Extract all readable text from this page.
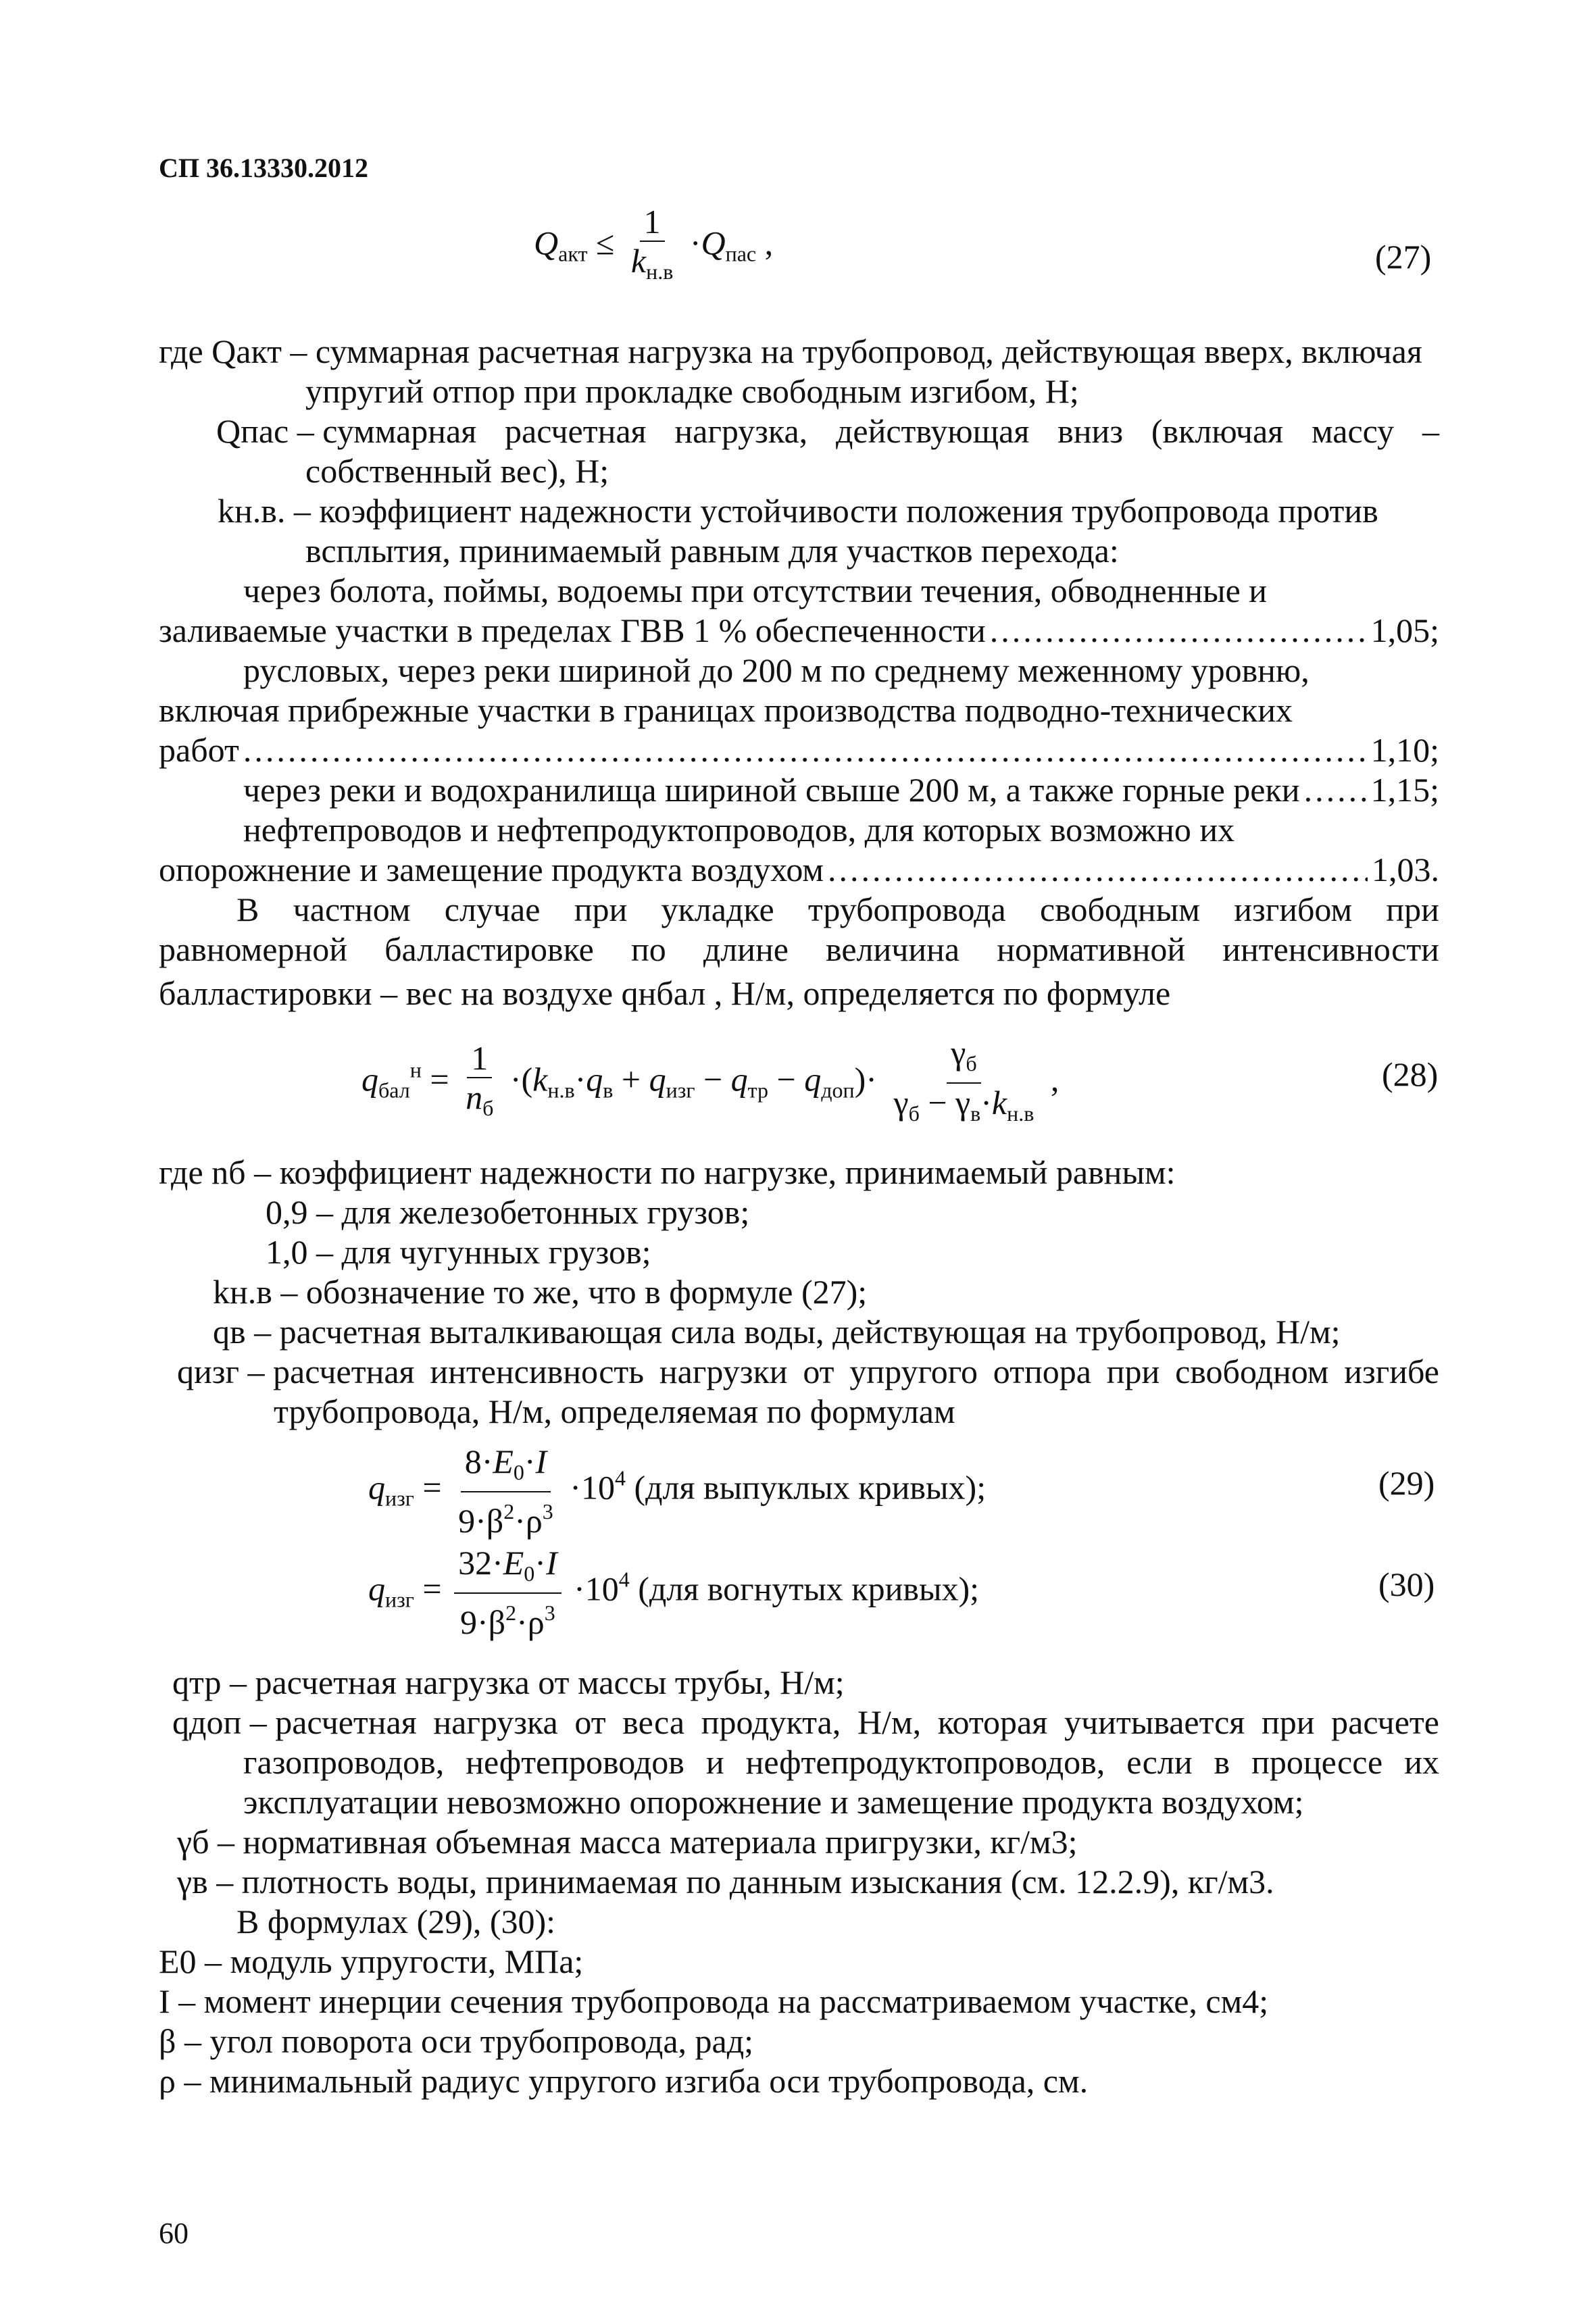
СП 36.13330.2012
$Q_{акт} \le \frac{1}{k_{н.в}} \cdot Q_{пас}$ ,	(27)
где Qакт – суммарная расчетная нагрузка на трубопровод, действующая вверх, включая
упругий отпор при прокладке свободным изгибом, Н;
Qпас – суммарная расчетная нагрузка, действующая вниз (включая массу –
собственный вес), Н;
kн.в. – коэффициент надежности устойчивости положения трубопровода против
всплытия, принимаемый равным для участков перехода:
через болота, поймы, водоемы при отсутствии течения, обводненные и
заливаемые участки в пределах ГВВ 1 % обеспеченности .....	1,05;
русловых, через реки шириной до 200 м по среднему меженному уровню,
включая прибрежные участки в границах производства подводно-технических
работ .....	1,10;
через реки и водохранилища шириной свыше 200 м, а также горные реки ..... 1,15;
нефтепроводов и нефтепродуктопроводов, для которых возможно их
опорожнение и замещение продукта воздухом .....	1,03.
В частном случае при укладке трубопровода свободным изгибом при
равномерной балластировке по длине величина нормативной интенсивности
балластировки – вес на воздухе qнбал , Н/м, определяется по формуле
$q_{бал}^н = \frac{1}{n_б} \cdot(k_{н.в}\cdot q_в + q_{изг} - q_{тр} - q_{доп})\cdot \frac{\gamma_б}{\gamma_б - \gamma_в\cdot k_{н.в}}$ ,	(28)
где nб – коэффициент надежности по нагрузке, принимаемый равным:
0,9 – для железобетонных грузов;
1,0 – для чугунных грузов;
kн.в – обозначение то же, что в формуле (27);
qв – расчетная выталкивающая сила воды, действующая на трубопровод, Н/м;
qизг – расчетная интенсивность нагрузки от упругого отпора при свободном изгибе
трубопровода, Н/м, определяемая по формулам
$q_{изг} = \frac{8\cdot E_0\cdot I}{9\cdot\beta^2\cdot\rho^3} \cdot 10^4$ (для выпуклых кривых);	(29)
$q_{изг} = \frac{32\cdot E_0\cdot I}{9\cdot\beta^2\cdot\rho^3} \cdot 10^4$ (для вогнутых кривых);	(30)
qтр – расчетная нагрузка от массы трубы, Н/м;
qдоп – расчетная нагрузка от веса продукта, Н/м, которая учитывается при расчете
газопроводов, нефтепроводов и нефтепродуктопроводов, если в процессе их
эксплуатации невозможно опорожнение и замещение продукта воздухом;
γб – нормативная объемная масса материала пригрузки, кг/м3;
γв – плотность воды, принимаемая по данным изыскания (см. 12.2.9), кг/м3.
В формулах (29), (30):
E0 – модуль упругости, МПа;
I – момент инерции сечения трубопровода на рассматриваемом участке, см4;
β – угол поворота оси трубопровода, рад;
ρ – минимальный радиус упругого изгиба оси трубопровода, см.
60
